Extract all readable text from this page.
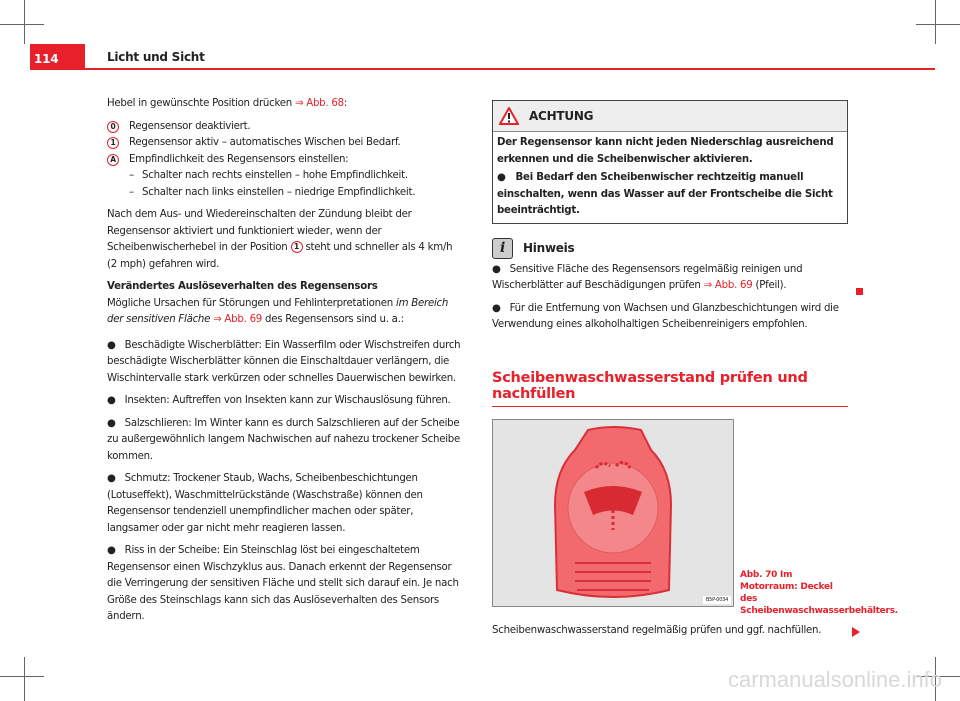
114	Licht und Sicht

Hebel in gewünschte Position drücken ⇒ Abb. 68:

0	Regensensor deaktiviert.

1	Regensensor aktiv – automatisches Wischen bei Bedarf.

A	Empfindlichkeit des Regensensors einstellen:

– Schalter nach rechts einstellen – hohe Empfindlichkeit.

– Schalter nach links einstellen – niedrige Empfindlichkeit.

Nach dem Aus- und Wiedereinschalten der Zündung bleibt der Regensensor aktiviert und funktioniert wieder, wenn der Scheibenwischerhebel in der Position 1 steht und schneller als 4 km/h (2 mph) gefahren wird.

Verändertes Auslöseverhalten des Regensensors

Mögliche Ursachen für Störungen und Fehlinterpretationen im Bereich der sensitiven Fläche ⇒ Abb. 69 des Regensensors sind u. a.:

●   Beschädigte Wischerblätter: Ein Wasserfilm oder Wischstreifen durch beschädigte Wischerblätter können die Einschaltdauer verlängern, die Wischintervalle stark verkürzen oder schnelles Dauerwischen bewirken.

●   Insekten: Auftreffen von Insekten kann zur Wischauslösung führen.

●   Salzschlieren: Im Winter kann es durch Salzschlieren auf der Scheibe zu außergewöhnlich langem Nachwischen auf nahezu trockener Scheibe kommen.

●   Schmutz: Trockener Staub, Wachs, Scheibenbeschichtungen (Lotuseffekt), Waschmittelrückstände (Waschstraße) können den Regensensor tendenziell unempfindlicher machen oder später, langsamer oder gar nicht mehr reagieren lassen.

●   Riss in der Scheibe: Ein Steinschlag löst bei eingeschaltetem Regensensor einen Wischzyklus aus. Danach erkennt der Regensensor die Verringerung der sensitiven Fläche und stellt sich darauf ein. Je nach Größe des Steinschlags kann sich das Auslöseverhalten des Sensors ändern.

ACHTUNG

Der Regensensor kann nicht jeden Niederschlag ausreichend erkennen und die Scheibenwischer aktivieren.

●   Bei Bedarf den Scheibenwischer rechtzeitig manuell einschalten, wenn das Wasser auf der Frontscheibe die Sicht beeinträchtigt.

i	Hinweis

●   Sensitive Fläche des Regensensors regelmäßig reinigen und Wischerblätter auf Beschädigungen prüfen ⇒ Abb. 69 (Pfeil).

●   Für die Entfernung von Wachsen und Glanzbeschichtungen wird die Verwendung eines alkoholhaltigen Scheibenreinigers empfohlen.

Scheibenwaschwasserstand prüfen und nachfüllen
B5P-0034
Abb. 70 Im Motorraum: Deckel des Scheibenwaschwasserbehälters.

Scheibenwaschwasserstand regelmäßig prüfen und ggf. nachfüllen.

carmanualsonline.info
